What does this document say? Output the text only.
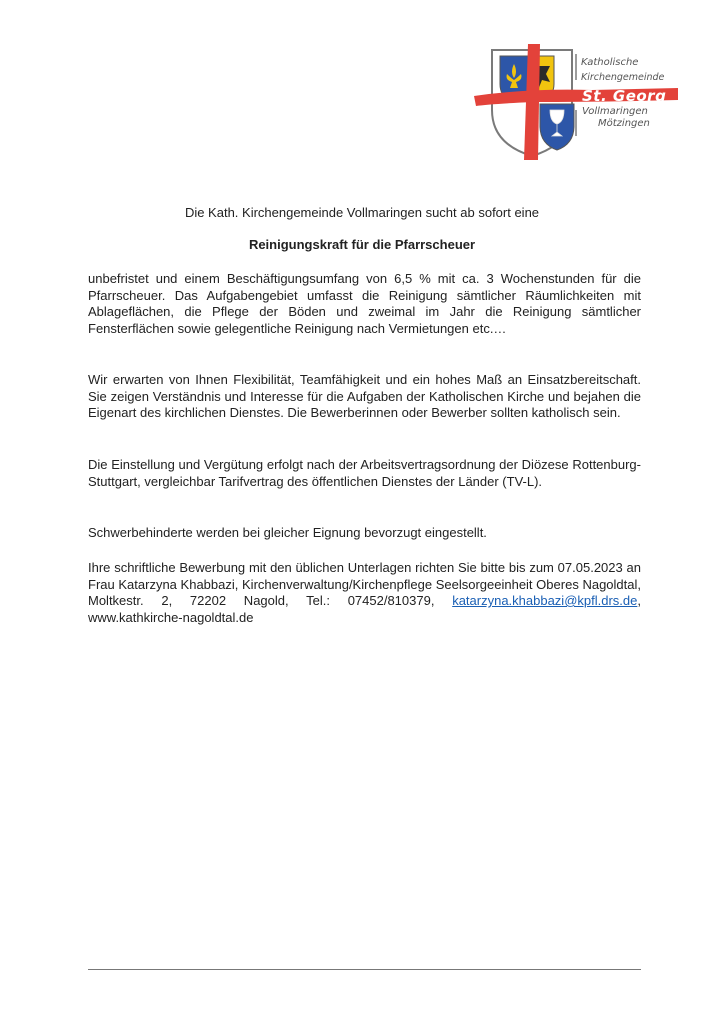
Katholische
Kirchengemeinde
St. Georg
Vollmaringen
Mötzingen
Die Kath. Kirchengemeinde Vollmaringen sucht ab sofort eine
Reinigungskraft für die Pfarrscheuer

unbefristet und einem Beschäftigungsumfang von 6,5 % mit ca. 3 Wochenstunden für die Pfarrscheuer. Das Aufgabengebiet umfasst die Reinigung sämtlicher Räumlichkeiten mit Ablageflächen, die Pflege der Böden und zweimal im Jahr die Reinigung sämtlicher Fensterflächen sowie gelegentliche Reinigung nach Vermietungen etc.…

Wir erwarten von Ihnen Flexibilität, Teamfähigkeit und ein hohes Maß an Einsatzbereitschaft. Sie zeigen Verständnis und Interesse für die Aufgaben der Katholischen Kirche und bejahen die Eigenart des kirchlichen Dienstes. Die Bewerberinnen oder Bewerber sollten katholisch sein.

Die Einstellung und Vergütung erfolgt nach der Arbeitsvertragsordnung der Diözese Rottenburg-Stuttgart, vergleichbar Tarifvertrag des öffentlichen Dienstes der Länder (TV-L).

Schwerbehinderte werden bei gleicher Eignung bevorzugt eingestellt.

Ihre schriftliche Bewerbung mit den üblichen Unterlagen richten Sie bitte bis zum 07.05.2023 an Frau Katarzyna Khabbazi, Kirchenverwaltung/Kirchenpflege Seelsorgeeinheit Oberes Nagoldtal, Moltkestr. 2, 72202 Nagold, Tel.: 07452/810379, katarzyna.khabbazi@kpfl.drs.de, www.kathkirche-nagoldtal.de
